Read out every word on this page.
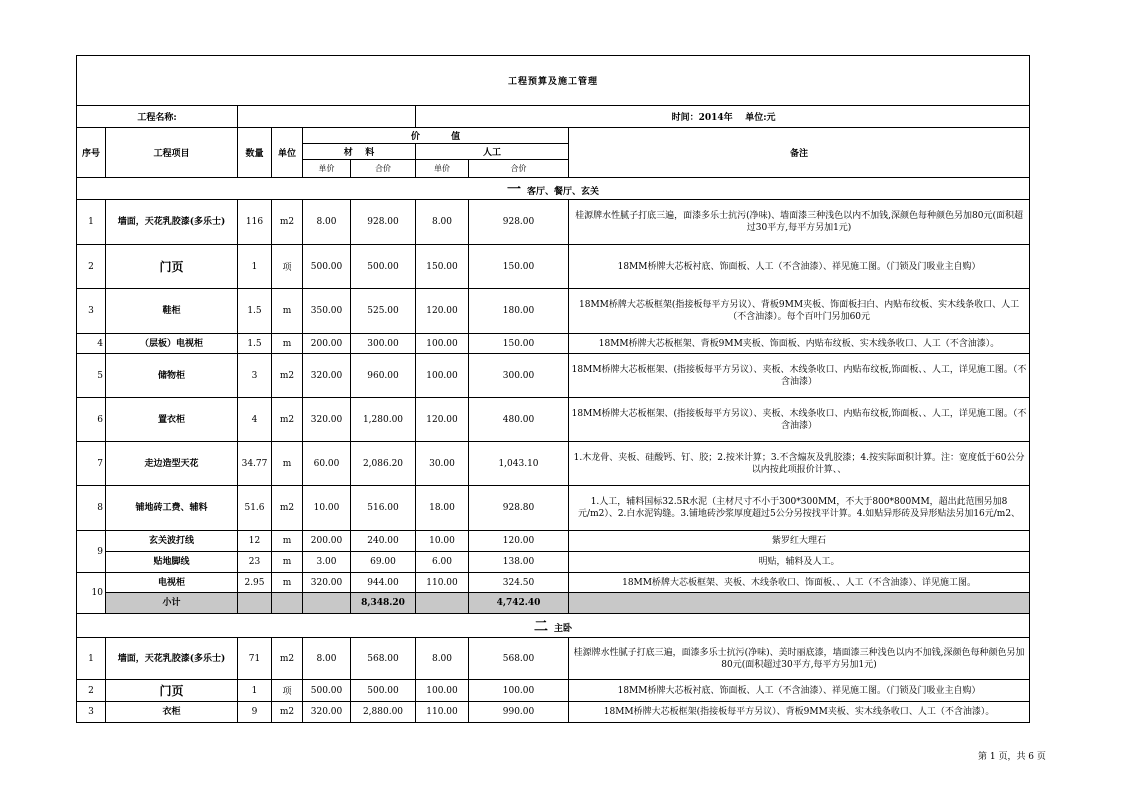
工程预算及施工管理								
工程名称:						时间：2014年 单位:元		
序号	工程项目	数量	单位	价          值				备注
				材    料		人工		
				单价	合价	单价	合价	
一 客厅、餐厅、玄关								
1	墙面，天花乳胶漆(多乐士)	116	m2	8.00	928.00	8.00	928.00	桂源牌水性腻子打底三遍，面漆多乐士抗污(净味)、墙面漆三种浅色以内不加钱,深颜色每种颜色另加80元(面积超过30平方,每平方另加1元)
2	门页	1	项	500.00	500.00	150.00	150.00	18MM桥牌大芯板衬底、饰面板、人工（不含油漆）、祥见施工图。（门锁及门吸业主自购）
3	鞋柜	1.5	m	350.00	525.00	120.00	180.00	18MM桥牌大芯板框架(指接板每平方另议）、背板9MM夹板、饰面板扫白、内贴布纹板、实木线条收口、人工（不含油漆）。每个百叶门另加60元
4	（层板）电视柜	1.5	m	200.00	300.00	100.00	150.00	18MM桥牌大芯板框架、背板9MM夹板、饰面板、内贴布纹板、实木线条收口、人工（不含油漆）。
5	储物柜	3	m2	320.00	960.00	100.00	300.00	18MM桥牌大芯板框架、(指接板每平方另议）、夹板、木线条收口、内贴布纹板,饰面板、、人工，详见施工图。（不含油漆）
6	置衣柜	4	m2	320.00	1,280.00	120.00	480.00	18MM桥牌大芯板框架、(指接板每平方另议）、夹板、木线条收口、内贴布纹板,饰面板、、人工，详见施工图。（不含油漆）
7	走边造型天花	34.77	m	60.00	2,086.20	30.00	1,043.10	1.木龙骨、夹板、硅酸钙、钉、胶；2.按米计算；3.不含煽灰及乳胶漆；4.按实际面积计算。注：宽度低于60公分以内按此项报价计算、、
8	铺地砖工费、辅料	51.6	m2	10.00	516.00	18.00	928.80	1.人工，辅料国标32.5R水泥（主材尺寸不小于300*300MM，不大于800*800MM，超出此范围另加8元/m2）、2.白水泥钩缝。3.铺地砖沙浆厚度超过5公分另按找平计算。4.如贴异形砖及异形贴法另加16元/m2、
9	玄关波打线	12	m	200.00	240.00	10.00	120.00	紫罗红大理石
	贴地脚线	23	m	3.00	69.00	6.00	138.00	明贴，辅料及人工。
10	电视柜	2.95	m	320.00	944.00	110.00	324.50	18MM桥牌大芯板框架、夹板、木线条收口、饰面板、、人工（不含油漆）、详见施工图。
	小计				8,348.20		4,742.40	
二 主卧								
1	墙面，天花乳胶漆(多乐士)	71	m2	8.00	568.00	8.00	568.00	桂源牌水性腻子打底三遍，面漆多乐士抗污(净味)、美时丽底漆，墙面漆三种浅色以内不加钱,深颜色每种颜色另加80元(面积超过30平方,每平方另加1元)
2	门页	1	项	500.00	500.00	100.00	100.00	18MM桥牌大芯板衬底、饰面板、人工（不含油漆）、祥见施工图。（门锁及门吸业主自购）
3	衣柜	9	m2	320.00	2,880.00	110.00	990.00	18MM桥牌大芯板框架(指接板每平方另议）、背板9MM夹板、实木线条收口、人工（不含油漆）。
第 1 页，共 6 页
